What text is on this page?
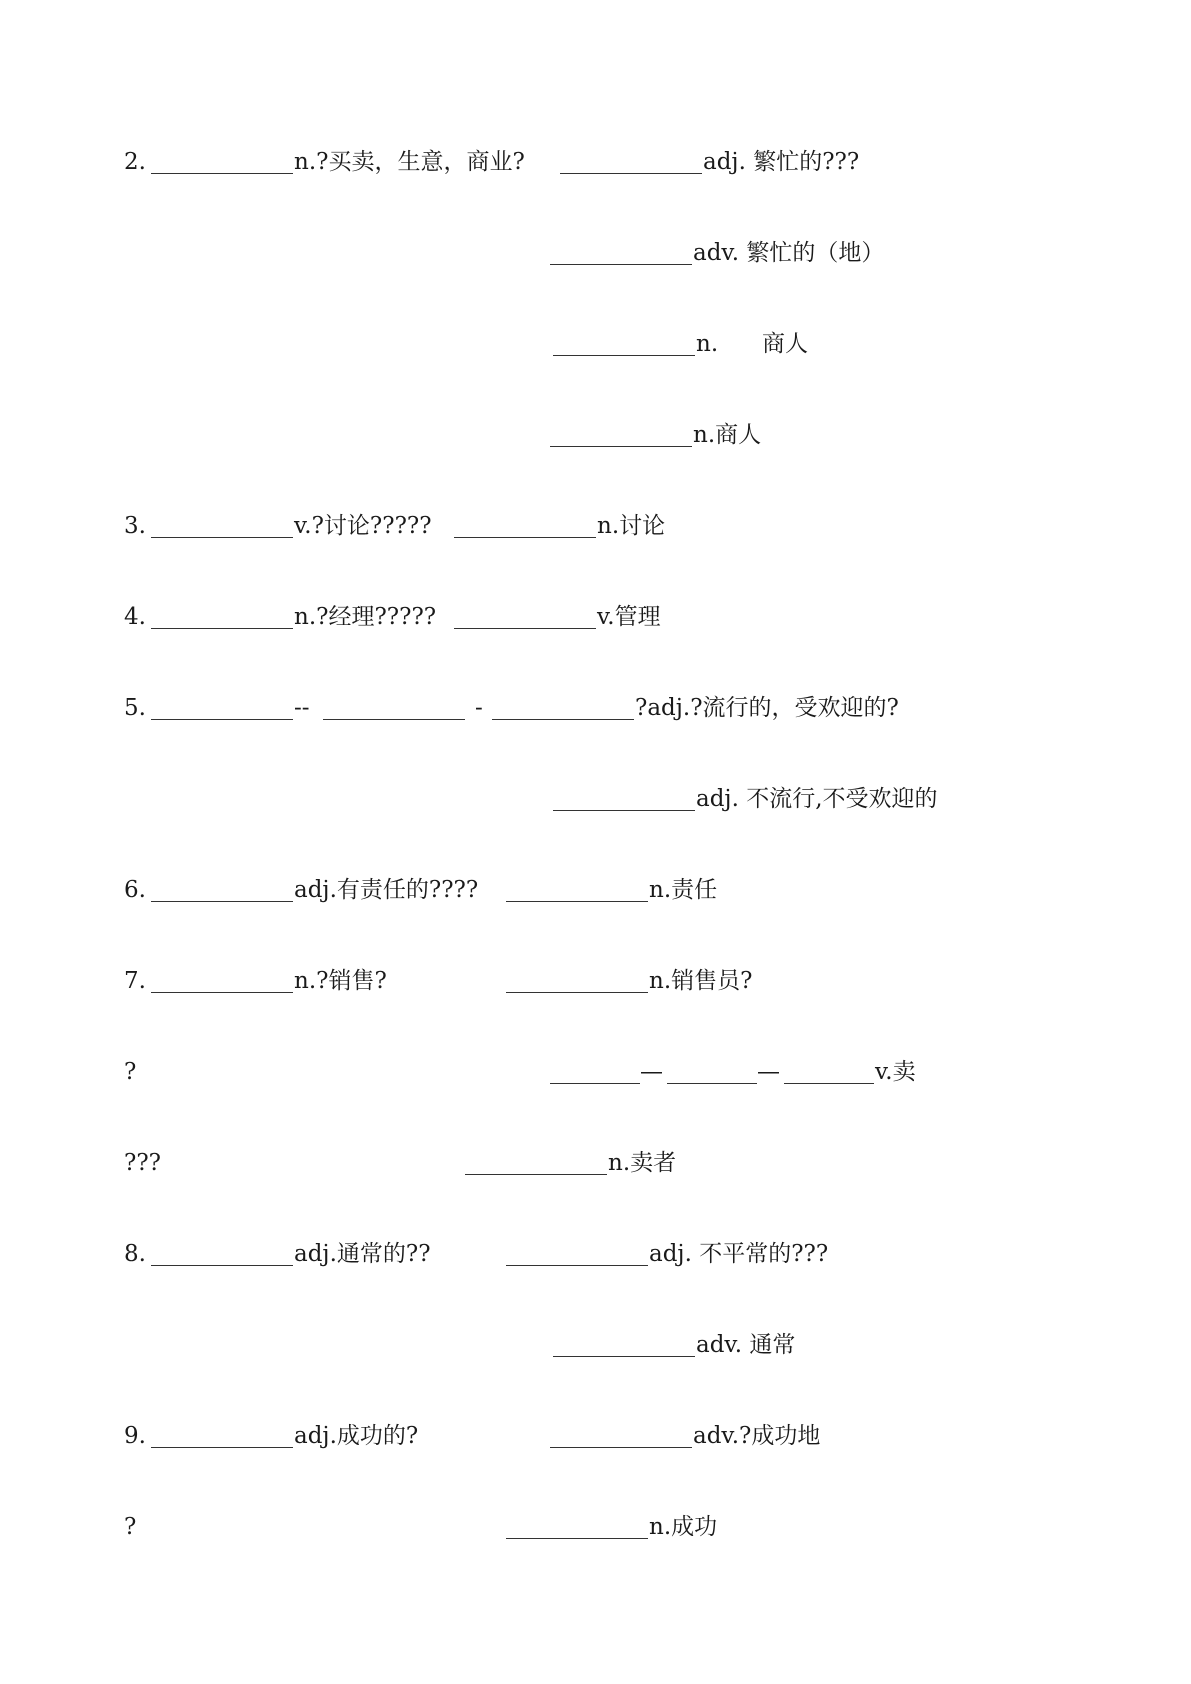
2.	n.?买卖，生意，商业?	adj. 繁忙的???
adv. 繁忙的（地）
n. 商人
n.商人
3.	v.?讨论?????	n.讨论
4.	n.?经理?????	v.管理
5.	--	-	?adj.?流行的，受欢迎的?
adj. 不流行,不受欢迎的
6.	adj.有责任的????	n.责任
7.	n.?销售?	n.销售员?
?	—	—	v.卖
???	n.卖者
8.	adj.通常的??	adj. 不平常的???
adv. 通常
9.	adj.成功的?	adv.?成功地
?	n.成功
